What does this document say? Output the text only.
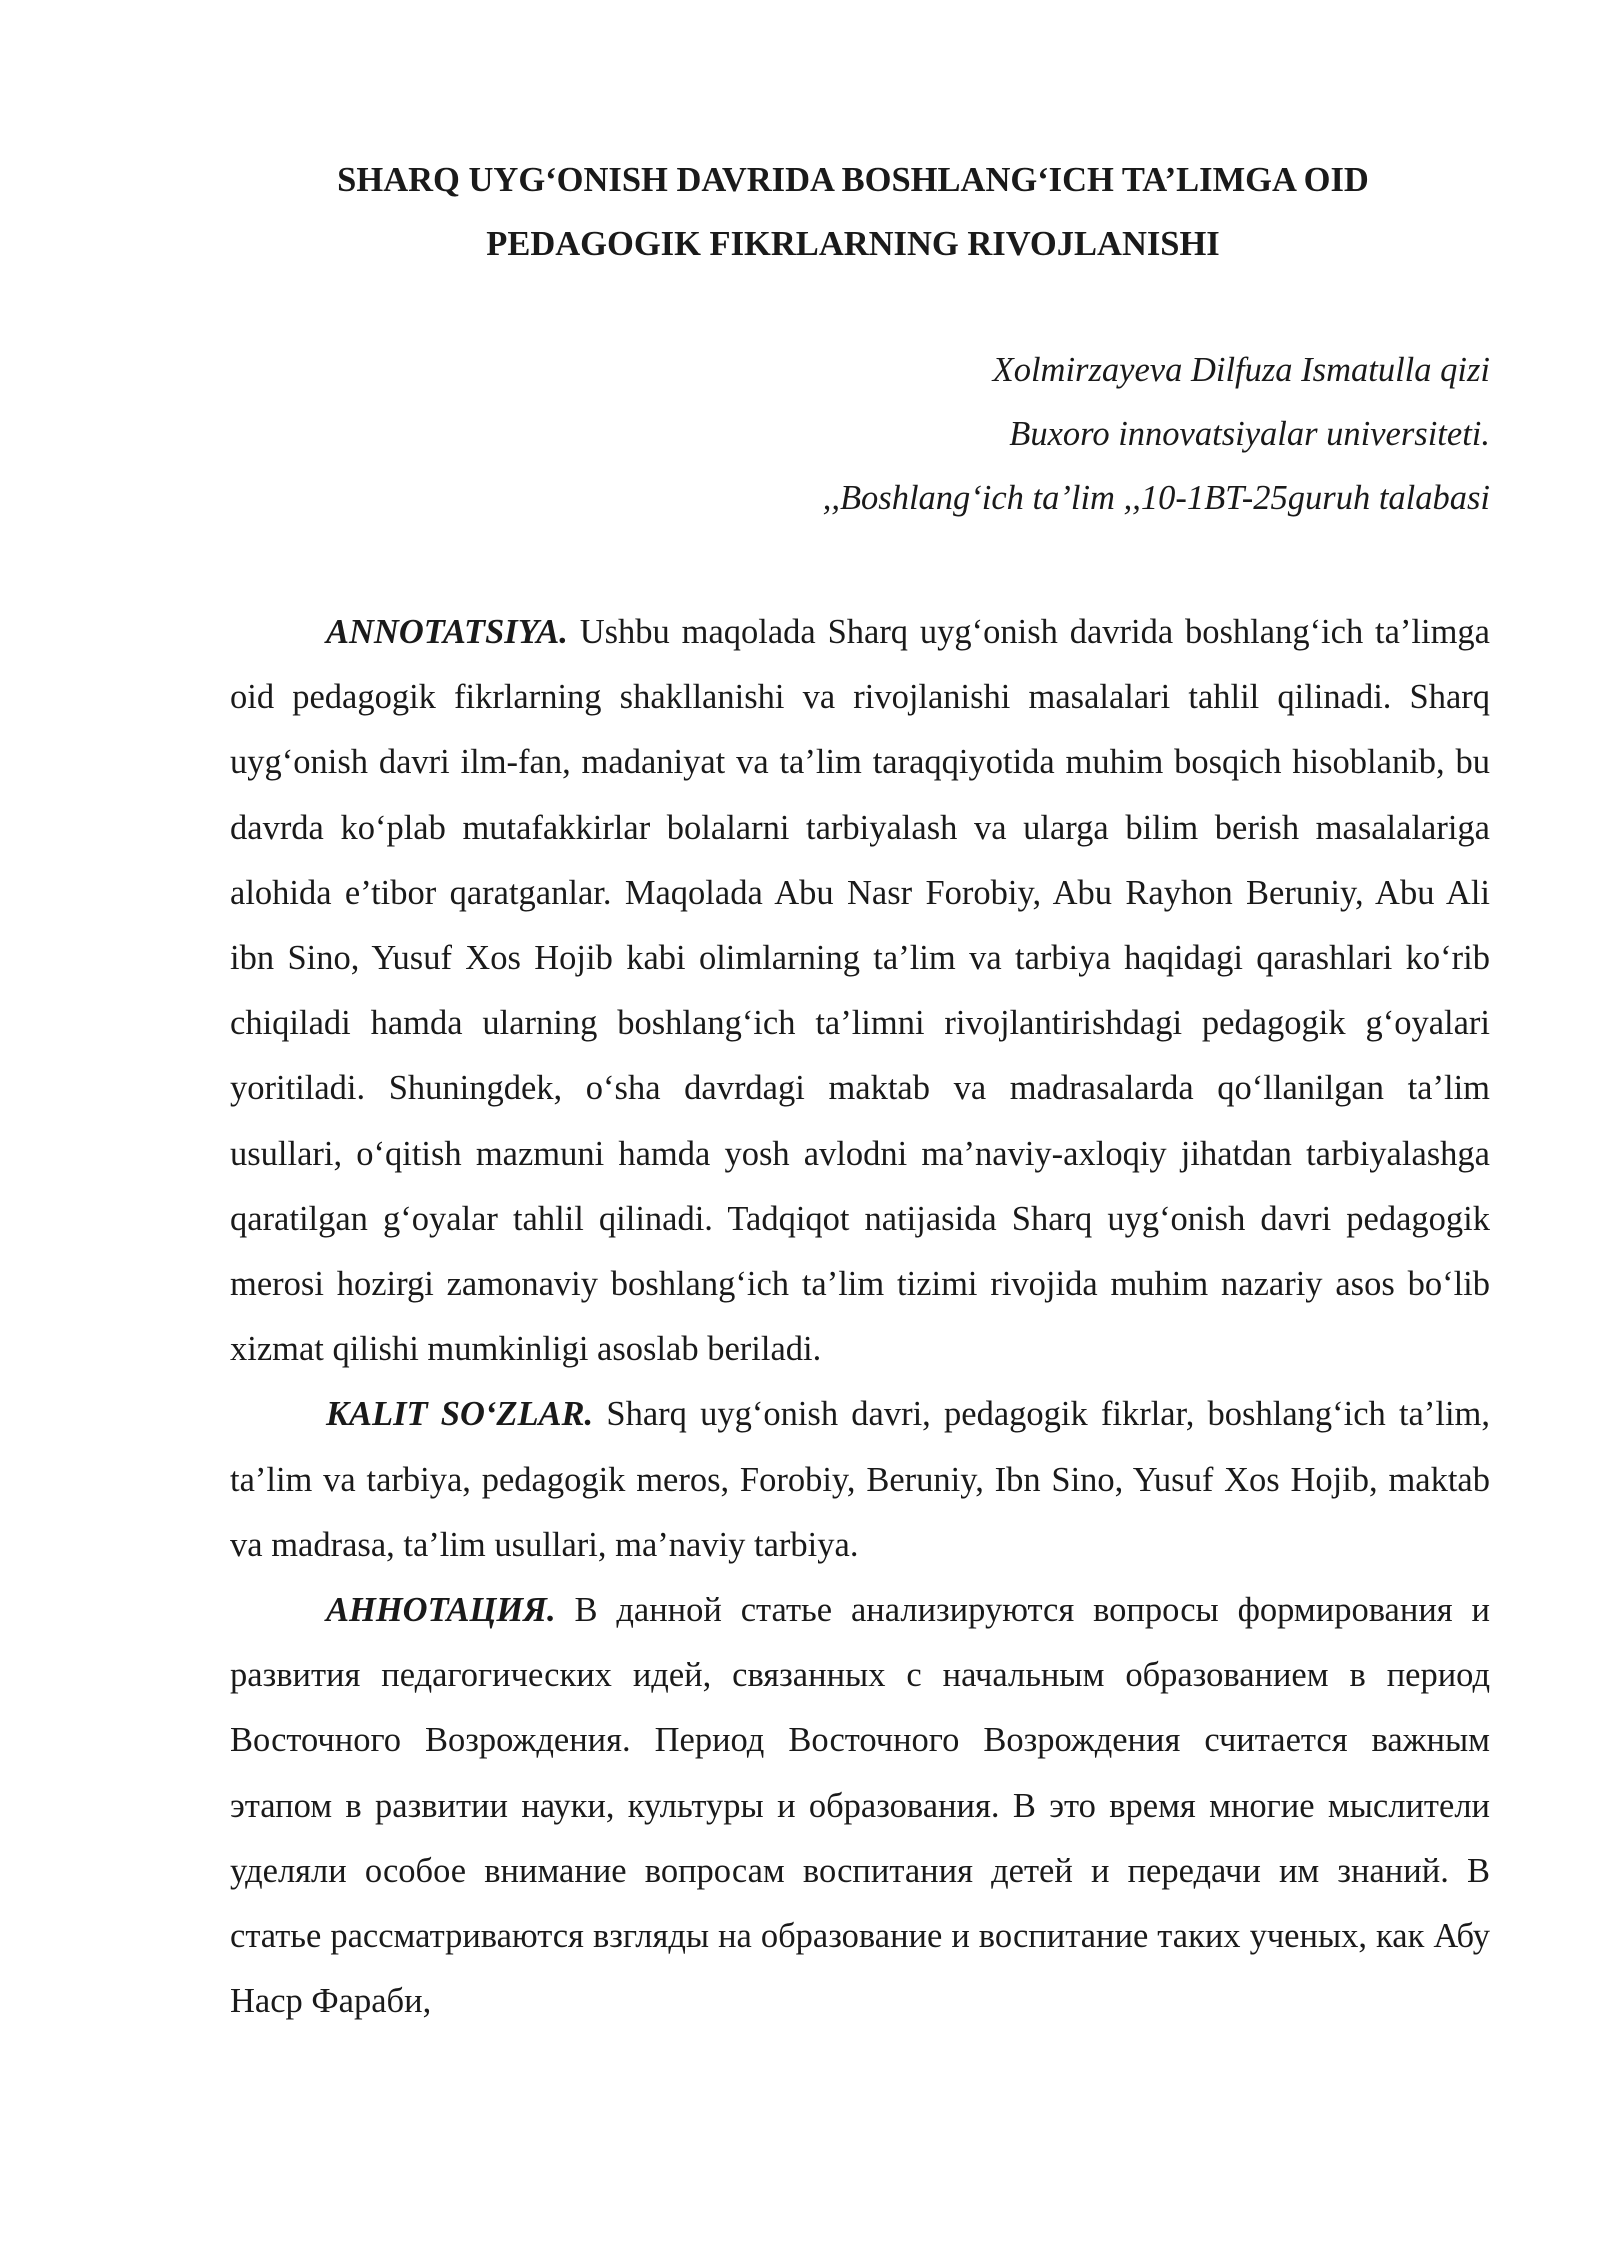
SHARQ UYG‘ONISH DAVRIDA BOSHLANG‘ICH TA’LIMGA OID
PEDAGOGIK FIKRLARNING RIVOJLANISHI
Xolmirzayeva Dilfuza Ismatulla qizi
Buxoro innovatsiyalar universiteti.
,,Boshlang‘ich ta’lim ,,10-1BT-25guruh talabasi

ANNOTATSIYA. Ushbu maqolada Sharq uyg‘onish davrida boshlang‘ich ta’limga oid pedagogik fikrlarning shakllanishi va rivojlanishi masalalari tahlil qilinadi. Sharq uyg‘onish davri ilm-fan, madaniyat va ta’lim taraqqiyotida muhim bosqich hisoblanib, bu davrda ko‘plab mutafakkirlar bolalarni tarbiyalash va ularga bilim berish masalalariga alohida e’tibor qaratganlar. Maqolada Abu Nasr Forobiy, Abu Rayhon Beruniy, Abu Ali ibn Sino, Yusuf Xos Hojib kabi olimlarning ta’lim va tarbiya haqidagi qarashlari ko‘rib chiqiladi hamda ularning boshlang‘ich ta’limni rivojlantirishdagi pedagogik g‘oyalari yoritiladi. Shuningdek, o‘sha davrdagi maktab va madrasalarda qo‘llanilgan ta’lim usullari, o‘qitish mazmuni hamda yosh avlodni ma’naviy-axloqiy jihatdan tarbiyalashga qaratilgan g‘oyalar tahlil qilinadi. Tadqiqot natijasida Sharq uyg‘onish davri pedagogik merosi hozirgi zamonaviy boshlang‘ich ta’lim tizimi rivojida muhim nazariy asos bo‘lib xizmat qilishi mumkinligi asoslab beriladi.

KALIT SO‘ZLAR. Sharq uyg‘onish davri, pedagogik fikrlar, boshlang‘ich ta’lim, ta’lim va tarbiya, pedagogik meros, Forobiy, Beruniy, Ibn Sino, Yusuf Xos Hojib, maktab va madrasa, ta’lim usullari, ma’naviy tarbiya.

АННОТАЦИЯ. В данной статье анализируются вопросы формирования и развития педагогических идей, связанных с начальным образованием в период Восточного Возрождения. Период Восточного Возрождения считается важным этапом в развитии науки, культуры и образования. В это время многие мыслители уделяли особое внимание вопросам воспитания детей и передачи им знаний. В статье рассматриваются взгляды на образование и воспитание таких ученых, как Абу Наср Фараби,
